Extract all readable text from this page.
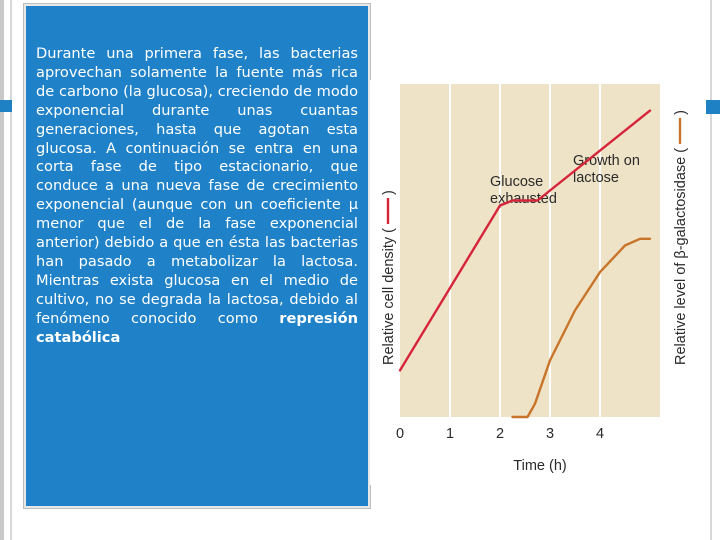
Durante una primera fase, las bacterias aprovechan solamente la fuente más rica de carbono (la glucosa), creciendo de modo exponencial durante unas cuantas generaciones, hasta que agotan esta glucosa. A continuación se entra en una corta fase de tipo estacionario, que conduce a una nueva fase de crecimiento exponencial (aunque con un coeficiente μ menor que el de la fase exponencial anterior) debido a que en ésta las bacterias han pasado a metabolizar la lactosa. Mientras exista glucosa en el medio de cultivo, no se degrada la lactosa, debido al fenómeno conocido como represión catabólica

Glucose exhausted
Growth on lactose
0	1	2	3	4
Time (h)
Relative cell density (
)	Relative level of β-galactosidase (
)
